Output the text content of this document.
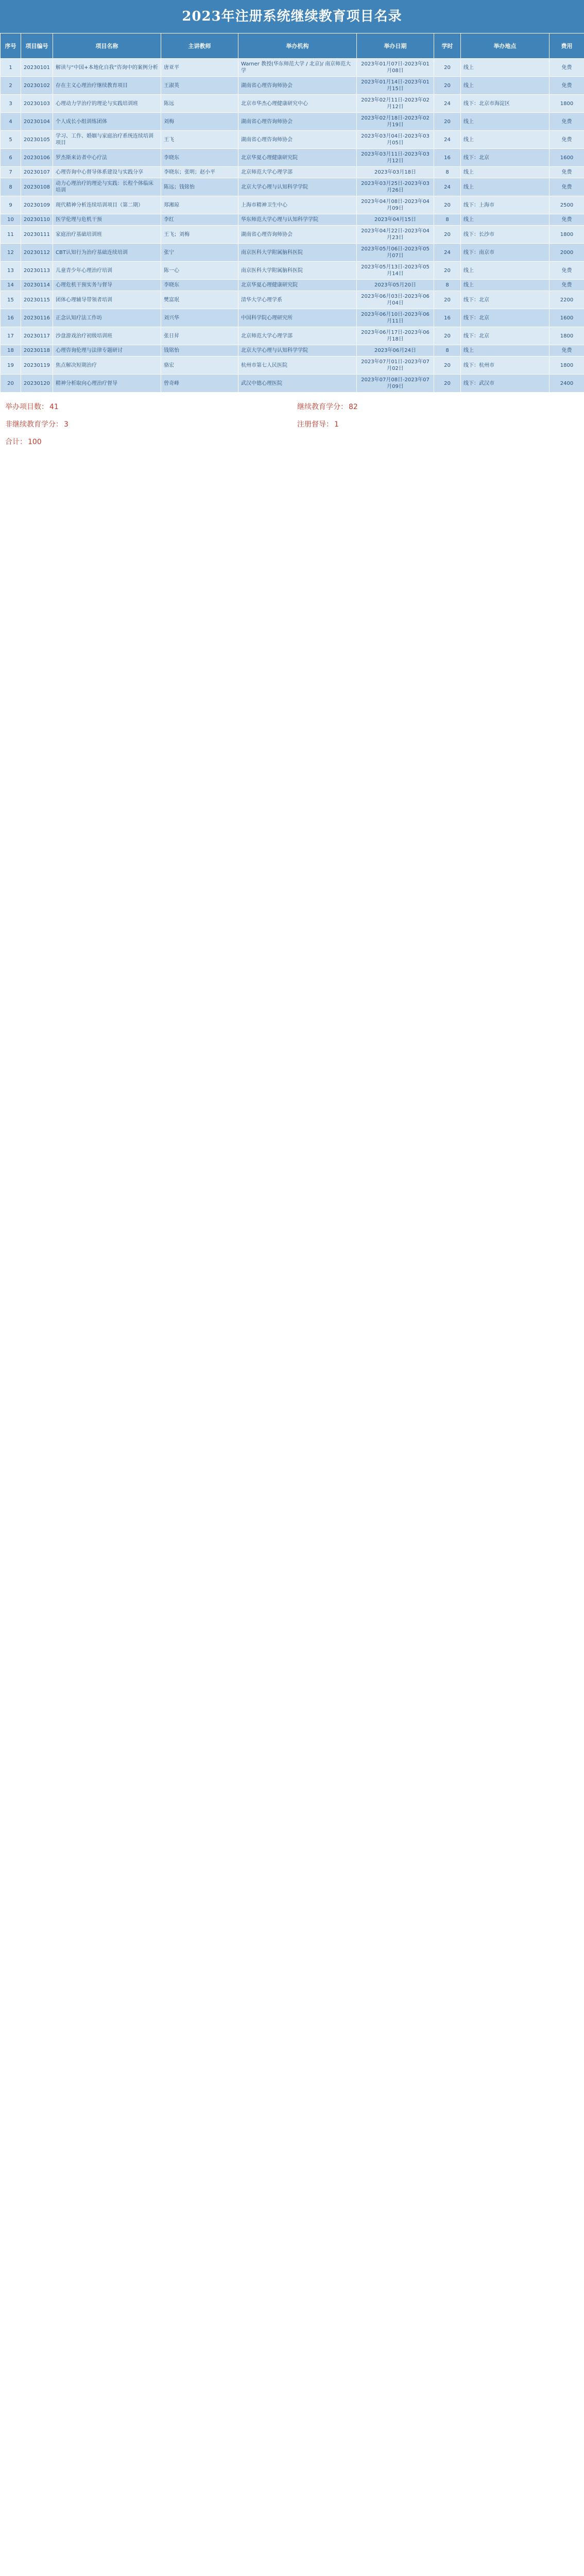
2023年注册系统继续教育项目名录
序号	项目编号	项目名称	主讲教师	举办机构	举办日期	学时	举办地点	费用
1	20230101	解读与“中国+本地化自我”咨询中的案例分析	唐亚平	Warner 教授(华东师范大学 / 北京)/ 南京师范大学	2023年01月07日-2023年01月08日	20	线上	免费
2	20230102	存在主义心理治疗继续教育项目	王淑英	湖南省心理咨询师协会	2023年01月14日-2023年01月15日	20	线上	免费
3	20230103	心理动力学治疗的理论与实践培训班	陈远	北京市华杰心理健康研究中心	2023年02月11日-2023年02月12日	24	线下：北京市海淀区	1800
4	20230104	个人成长小组训练团体	刘梅	湖南省心理咨询师协会	2023年02月18日-2023年02月19日	20	线上	免费
5	20230105	学习、工作、婚姻与家庭治疗系统连续培训项目	王飞	湖南省心理咨询师协会	2023年03月04日-2023年03月05日	24	线上	免费
6	20230106	罗杰斯来访者中心疗法	李晓东	北京华夏心理健康研究院	2023年03月11日-2023年03月12日	16	线下：北京	1600
7	20230107	心理咨询中心督导体系建设与实践分享	李晓东；张明；赵小平	北京师范大学心理学部	2023年03月18日	8	线上	免费
8	20230108	动力心理治疗的理论与实践：长程个体临床培训	陈远；钱铭怡	北京大学心理与认知科学学院	2023年03月25日-2023年03月26日	24	线上	免费
9	20230109	现代精神分析连续培训项目（第二期）	郑湘琼	上海市精神卫生中心	2023年04月08日-2023年04月09日	20	线下：上海市	2500
10	20230110	医学伦理与危机干预	李红	华东师范大学心理与认知科学学院	2023年04月15日	8	线上	免费
11	20230111	家庭治疗基础培训班	王飞；刘梅	湖南省心理咨询师协会	2023年04月22日-2023年04月23日	20	线下：长沙市	1800
12	20230112	CBT认知行为治疗基础连续培训	张宁	南京医科大学附属脑科医院	2023年05月06日-2023年05月07日	24	线下：南京市	2000
13	20230113	儿童青少年心理治疗培训	陈一心	南京医科大学附属脑科医院	2023年05月13日-2023年05月14日	20	线上	免费
14	20230114	心理危机干预实务与督导	李晓东	北京华夏心理健康研究院	2023年05月20日	8	线上	免费
15	20230115	团体心理辅导带领者培训	樊富珉	清华大学心理学系	2023年06月03日-2023年06月04日	20	线下：北京	2200
16	20230116	正念认知疗法工作坊	刘兴华	中国科学院心理研究所	2023年06月10日-2023年06月11日	16	线下：北京	1600
17	20230117	沙盘游戏治疗初级培训班	张日昇	北京师范大学心理学部	2023年06月17日-2023年06月18日	20	线下：北京	1800
18	20230118	心理咨询伦理与法律专题研讨	钱铭怡	北京大学心理与认知科学学院	2023年06月24日	8	线上	免费
19	20230119	焦点解决短期治疗	骆宏	杭州市第七人民医院	2023年07月01日-2023年07月02日	20	线下：杭州市	1800
20	20230120	精神分析取向心理治疗督导	曾奇峰	武汉中德心理医院	2023年07月08日-2023年07月09日	20	线下：武汉市	2400
举办项目数： 41	继续教育学分： 82
非继续教育学分： 3	注册督导： 1
合计： 100
